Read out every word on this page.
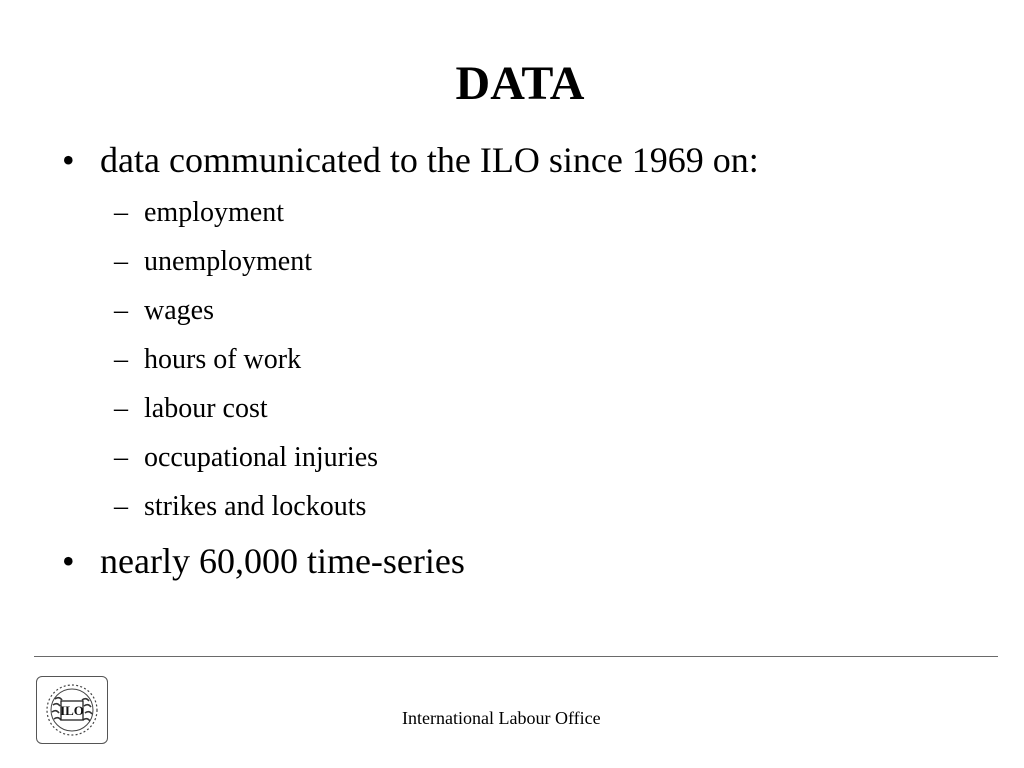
DATA
• data communicated to the ILO since 1969 on:
– employment
– unemployment
– wages
– hours of work
– labour cost
– occupational injuries
– strikes and lockouts
• nearly 60,000 time-series
ILO	International Labour Office
